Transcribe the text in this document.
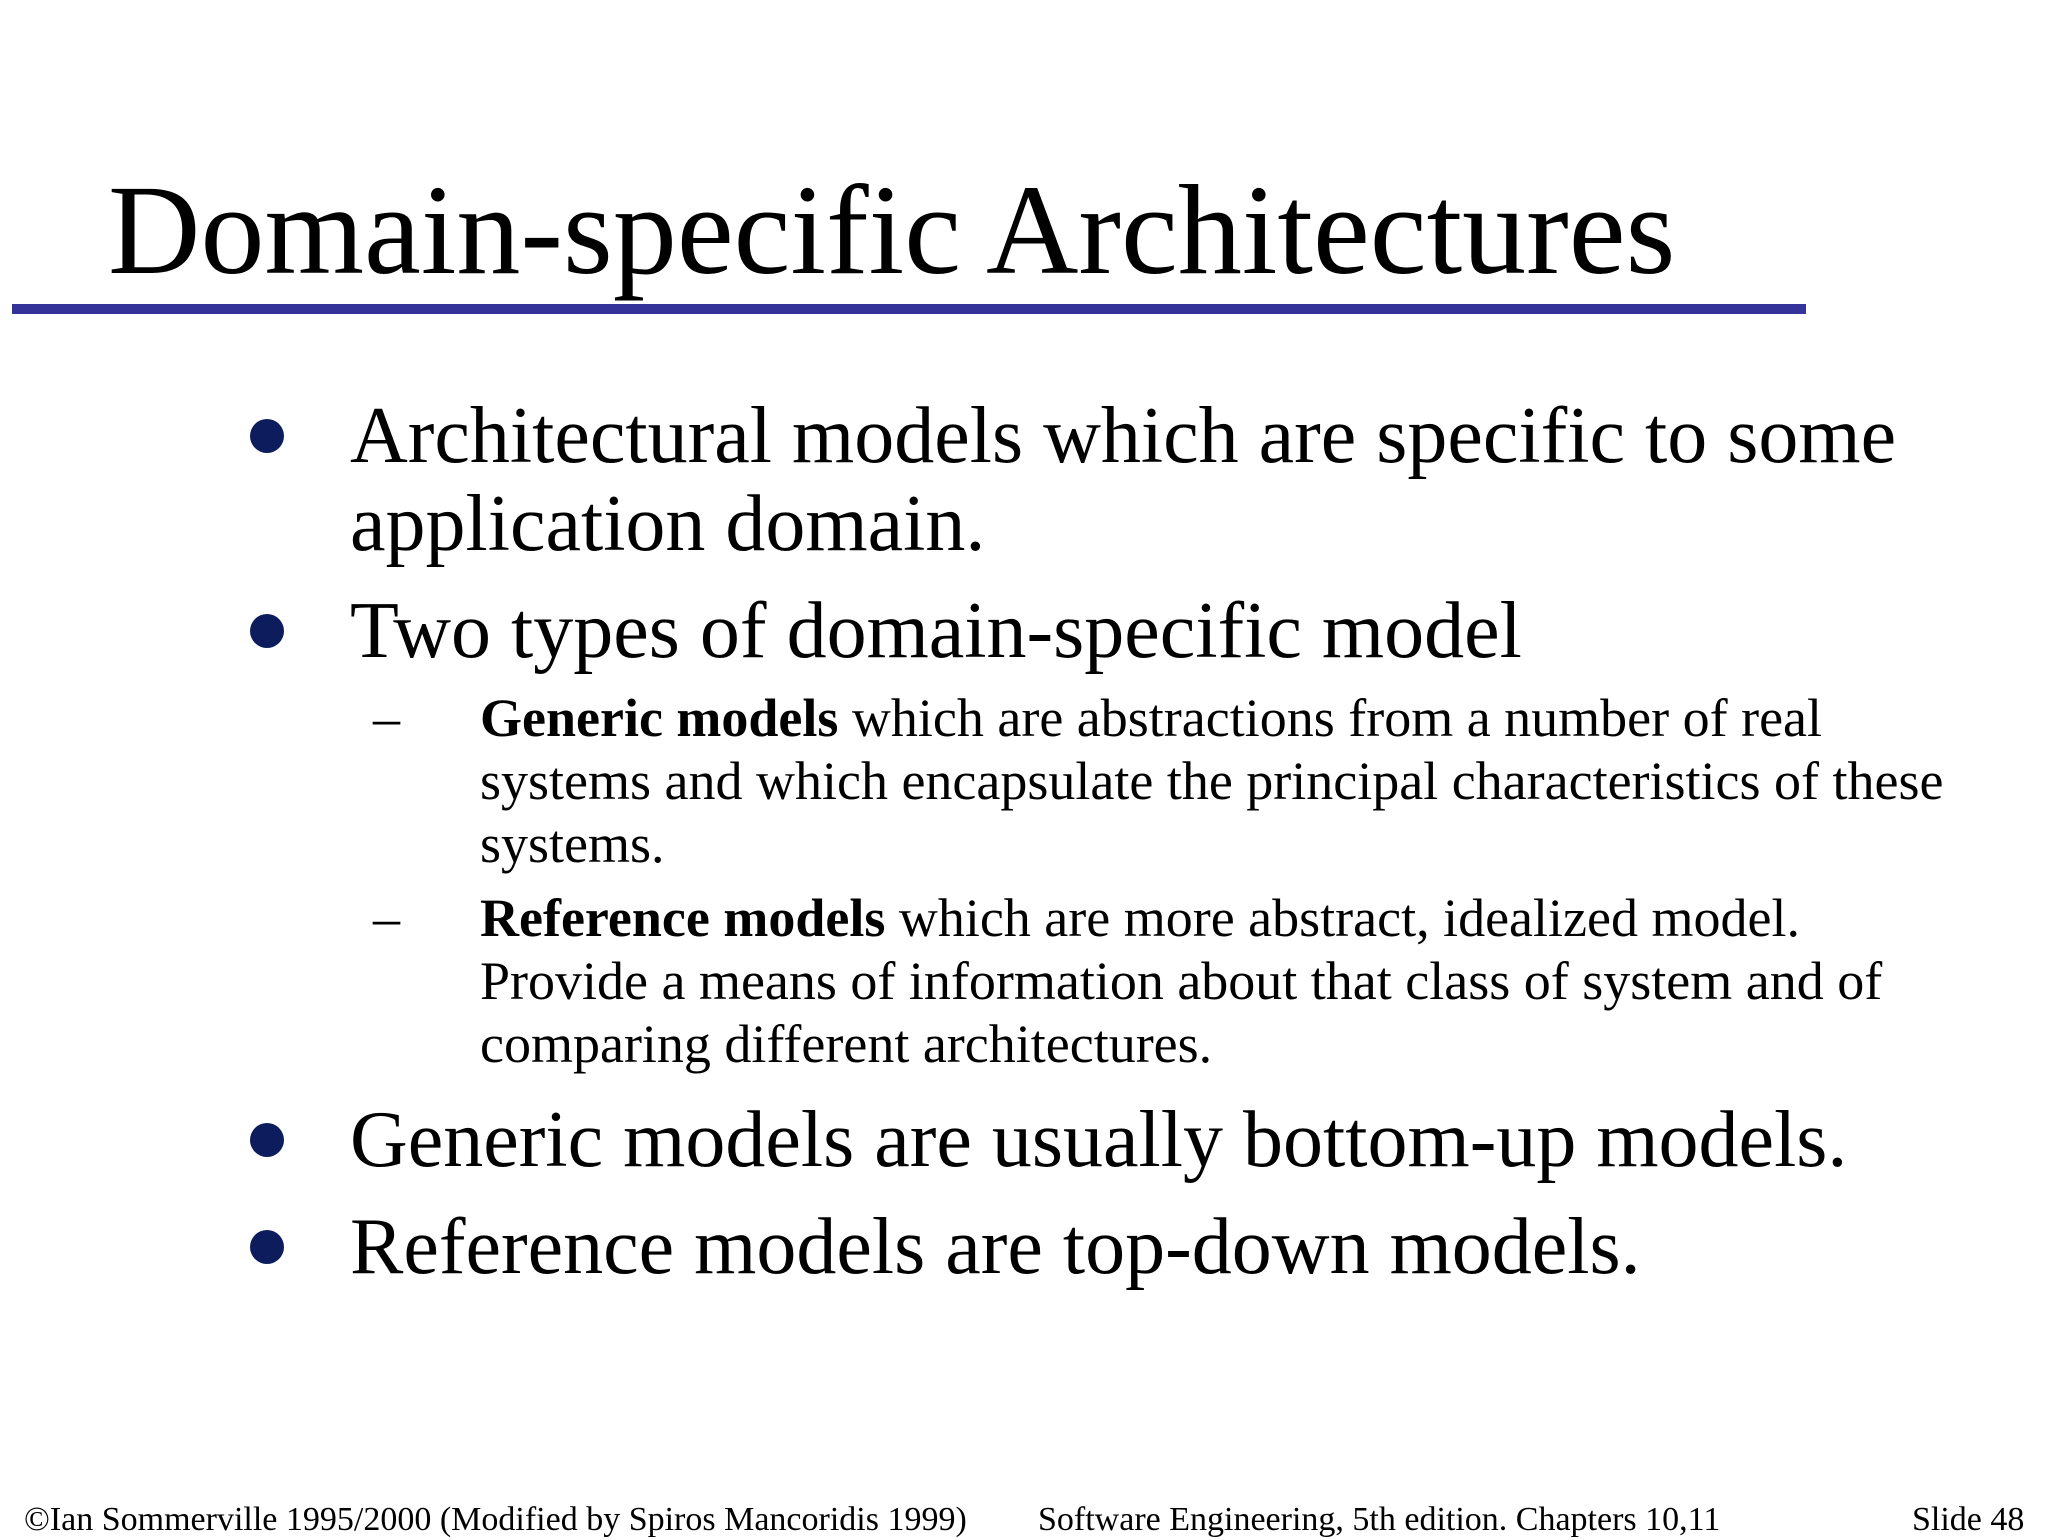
Domain-specific Architectures
Architectural models which are specific to some application domain.
Two types of domain-specific model
– Generic models which are abstractions from a number of real systems and which encapsulate the principal characteristics of these systems.
– Reference models which are more abstract, idealized model. Provide a means of information about that class of system and of comparing different architectures.
Generic models are usually bottom-up models.
Reference models are top-down models.
©Ian Sommerville 1995/2000 (Modified by Spiros Mancoridis 1999) Software Engineering, 5th edition. Chapters 10,11	Slide 48
